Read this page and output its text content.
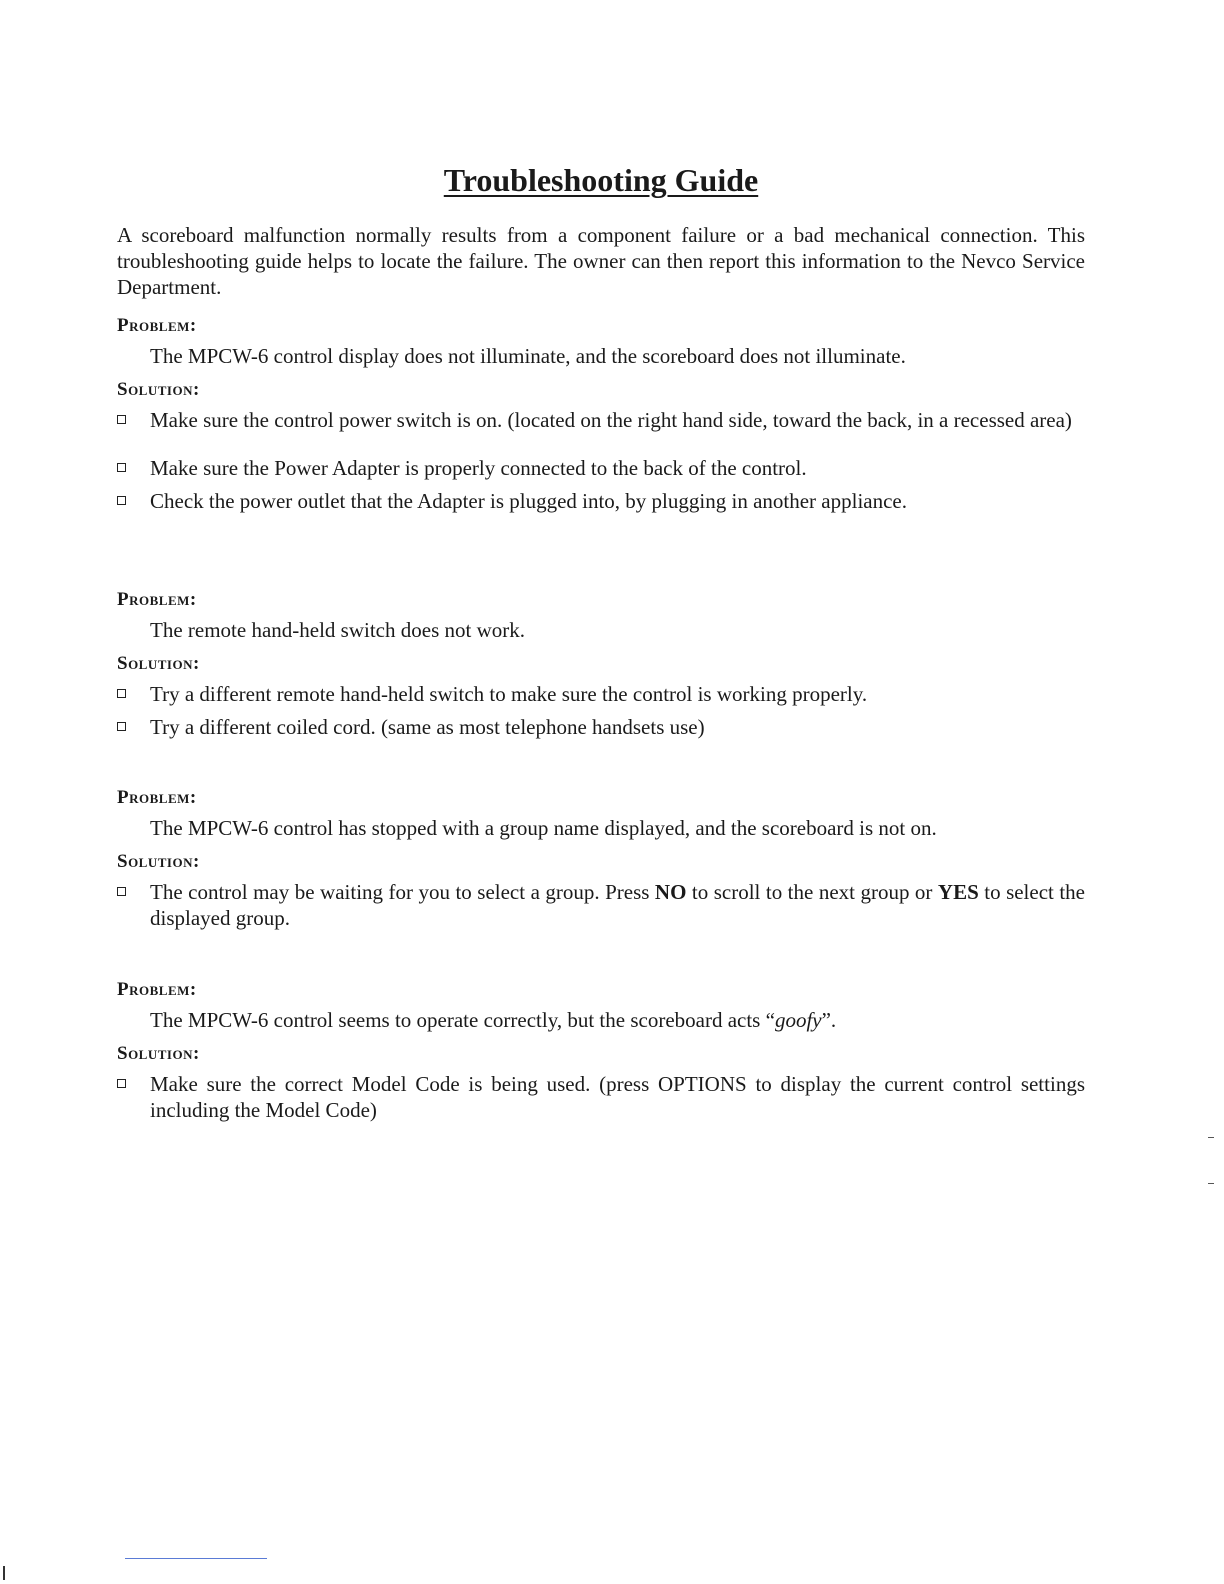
Troubleshooting Guide

A scoreboard malfunction normally results from a component failure or a bad mechanical connection. This troubleshooting guide helps to locate the failure. The owner can then report this information to the Nevco Service Department.

Problem:

The MPCW-6 control display does not illuminate, and the scoreboard does not illuminate.

Solution:

Make sure the control power switch is on. (located on the right hand side, toward the back, in a recessed area)

Make sure the Power Adapter is properly connected to the back of the control.

Check the power outlet that the Adapter is plugged into, by plugging in another appliance.

Problem:

The remote hand-held switch does not work.

Solution:

Try a different remote hand-held switch to make sure the control is working properly.

Try a different coiled cord. (same as most telephone handsets use)

Problem:

The MPCW-6 control has stopped with a group name displayed, and the scoreboard is not on.

Solution:

The control may be waiting for you to select a group. Press NO to scroll to the next group or YES to select the displayed group.

Problem:

The MPCW-6 control seems to operate correctly, but the scoreboard acts “goofy”.

Solution:

Make sure the correct Model Code is being used. (press OPTIONS to display the current control settings including the Model Code)
